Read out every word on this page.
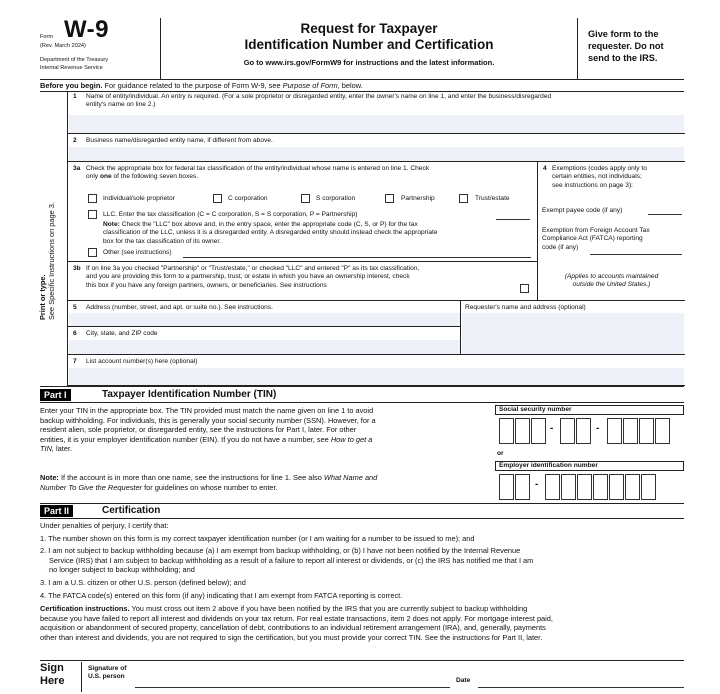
Form W-9
(Rev. March 2024)
Department of the Treasury
Internal Revenue Service
Request for Taxpayer
Identification Number and Certification
Go to www.irs.gov/FormW9 for instructions and the latest information.
Give form to the
requester. Do not
send to the IRS.
Before you begin. For guidance related to the purpose of Form W-9, see Purpose of Form, below.
Print or type.
See Specific Instructions on page 3.
1 Name of entity/individual. An entry is required. (For a sole proprietor or disregarded entity, enter the owner's name on line 1, and enter the business/disregarded
entity's name on line 2.)
2 Business name/disregarded entity name, if different from above.
3a Check the appropriate box for federal tax classification of the entity/individual whose name is entered on line 1. Check
only one of the following seven boxes.
Individual/sole proprietor	C corporation	S corporation	Partnership	Trust/estate
LLC. Enter the tax classification (C = C corporation, S = S corporation, P = Partnership)
Note: Check the "LLC" box above and, in the entry space, enter the appropriate code (C, S, or P) for the tax
classification of the LLC, unless it is a disregarded entity. A disregarded entity should instead check the appropriate
box for the tax classification of its owner.
Other (see instructions)
3b If on line 3a you checked "Partnership" or "Trust/estate," or checked "LLC" and entered "P" as its tax classification,
and you are providing this form to a partnership, trust, or estate in which you have an ownership interest, check
this box if you have any foreign partners, owners, or beneficiaries. See instructions
4 Exemptions (codes apply only to
certain entities, not individuals;
see instructions on page 3):
Exempt payee code (if any)
Exemption from Foreign Account Tax
Compliance Act (FATCA) reporting
code (if any)
(Applies to accounts maintained
outside the United States.)
5 Address (number, street, and apt. or suite no.). See instructions.	Requester's name and address (optional)
6 City, state, and ZIP code
7 List account number(s) here (optional)
Part I	Taxpayer Identification Number (TIN)
Enter your TIN in the appropriate box. The TIN provided must match the name given on line 1 to avoid
backup withholding. For individuals, this is generally your social security number (SSN). However, for a
resident alien, sole proprietor, or disregarded entity, see the instructions for Part I, later. For other
entities, it is your employer identification number (EIN). If you do not have a number, see How to get a
TIN, later.
Note: If the account is in more than one name, see the instructions for line 1. See also What Name and
Number To Give the Requester for guidelines on whose number to enter.
Social security number
-	-
or
Employer identification number
-
Part II	Certification
Under penalties of perjury, I certify that:
1. The number shown on this form is my correct taxpayer identification number (or I am waiting for a number to be issued to me); and
2. I am not subject to backup withholding because (a) I am exempt from backup withholding, or (b) I have not been notified by the Internal Revenue
Service (IRS) that I am subject to backup withholding as a result of a failure to report all interest or dividends, or (c) the IRS has notified me that I am
no longer subject to backup withholding; and
3. I am a U.S. citizen or other U.S. person (defined below); and
4. The FATCA code(s) entered on this form (if any) indicating that I am exempt from FATCA reporting is correct.
Certification instructions. You must cross out item 2 above if you have been notified by the IRS that you are currently subject to backup withholding
because you have failed to report all interest and dividends on your tax return. For real estate transactions, item 2 does not apply. For mortgage interest paid,
acquisition or abandonment of secured property, cancellation of debt, contributions to an individual retirement arrangement (IRA), and, generally, payments
other than interest and dividends, you are not required to sign the certification, but you must provide your correct TIN. See the instructions for Part II, later.
Sign
Here
Signature of
U.S. person
Date
